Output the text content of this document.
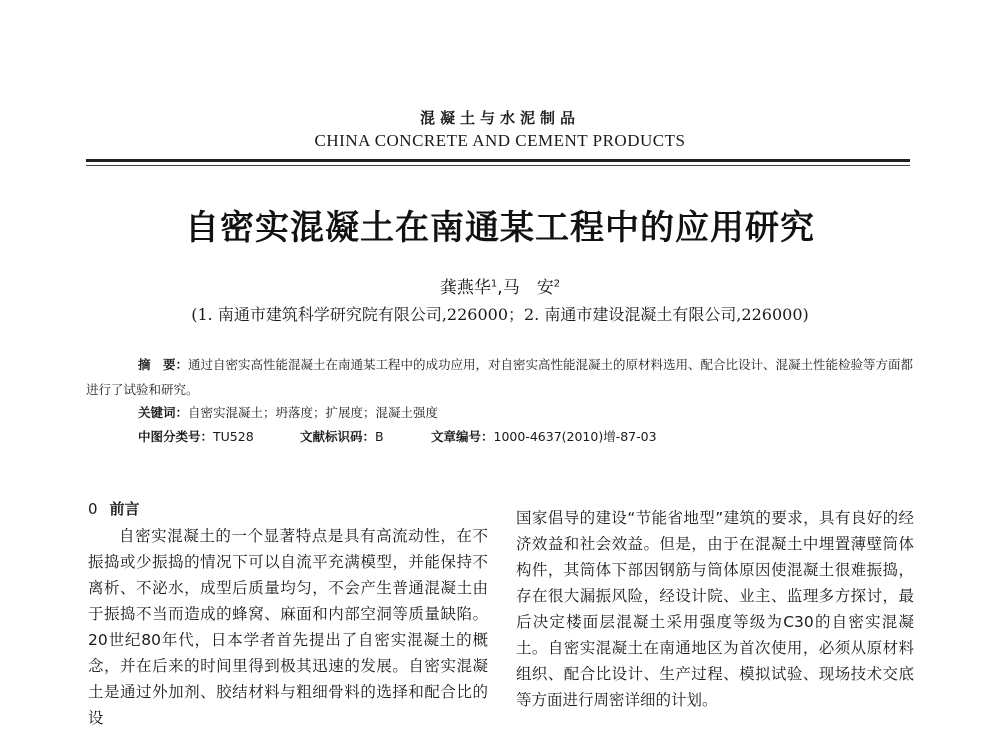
混凝土与水泥制品
CHINA CONCRETE AND CEMENT PRODUCTS
自密实混凝土在南通某工程中的应用研究
龚燕华$^1$,马　安$^2$
(1. 南通市建筑科学研究院有限公司,226000；2. 南通市建设混凝土有限公司,226000)
摘　要：通过自密实高性能混凝土在南通某工程中的成功应用，对自密实高性能混凝土的原材料选用、配合比设计、混凝土性能检验等方面都进行了试验和研究。
关键词：自密实混凝土；坍落度；扩展度；混凝土强度
中图分类号：TU528	文献标识码：B	文章编号：1000-4637(2010)增-87-03
0 前言
自密实混凝土的一个显著特点是具有高流动性，在不振捣或少振捣的情况下可以自流平充满模型，并能保持不离析、不泌水，成型后质量均匀，不会产生普通混凝土由于振捣不当而造成的蜂窝、麻面和内部空洞等质量缺陷。20世纪80年代，日本学者首先提出了自密实混凝土的概念，并在后来的时间里得到极其迅速的发展。自密实混凝土是通过外加剂、胶结材料与粗细骨料的选择和配合比的设
国家倡导的建设“节能省地型”建筑的要求，具有良好的经济效益和社会效益。但是，由于在混凝土中埋置薄壁筒体构件，其筒体下部因钢筋与筒体原因使混凝土很难振捣，存在很大漏振风险，经设计院、业主、监理多方探讨，最后决定楼面层混凝土采用强度等级为C30的自密实混凝土。自密实混凝土在南通地区为首次使用，必须从原材料组织、配合比设计、生产过程、模拟试验、现场技术交底等方面进行周密详细的计划。
